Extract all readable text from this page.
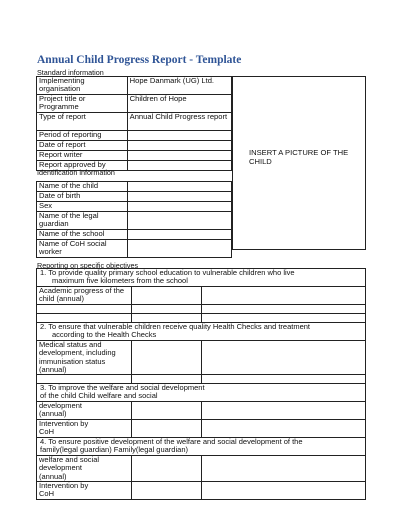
Annual Child Progress Report - Template
Standard information
Implementing organisation	Hope Danmark (UG) Ltd.
Project title or Programme	Children of Hope
Type of report	Annual Child Progress report
Period of reporting	
Date of report	
Report writer	
Report approved by	
INSERT A PICTURE OF THE CHILD
Identification information
Name of the child	
Date of birth	
Sex	
Name of the legal guardian	
Name of the school	
Name of CoH social worker	
Reporting on specific objectives
1. To provide quality primary school education to vulnerable children who live
maximum five kilometers from the school		

Academic progress of the
child (annual)		

2. To ensure that vulnerable children receive quality Health Checks and treatment
according to the Health Checks		

Medical status and
development, including
immunisation status
(annual)		

3. To improve the welfare and social development
of the child Child welfare and social		

development
(annual)		

Intervention by
CoH		

4. To ensure positive development of the welfare and social development of the
family(legal guardian) Family(legal guardian)		

welfare and social
development
(annual)		

Intervention by
CoH		
